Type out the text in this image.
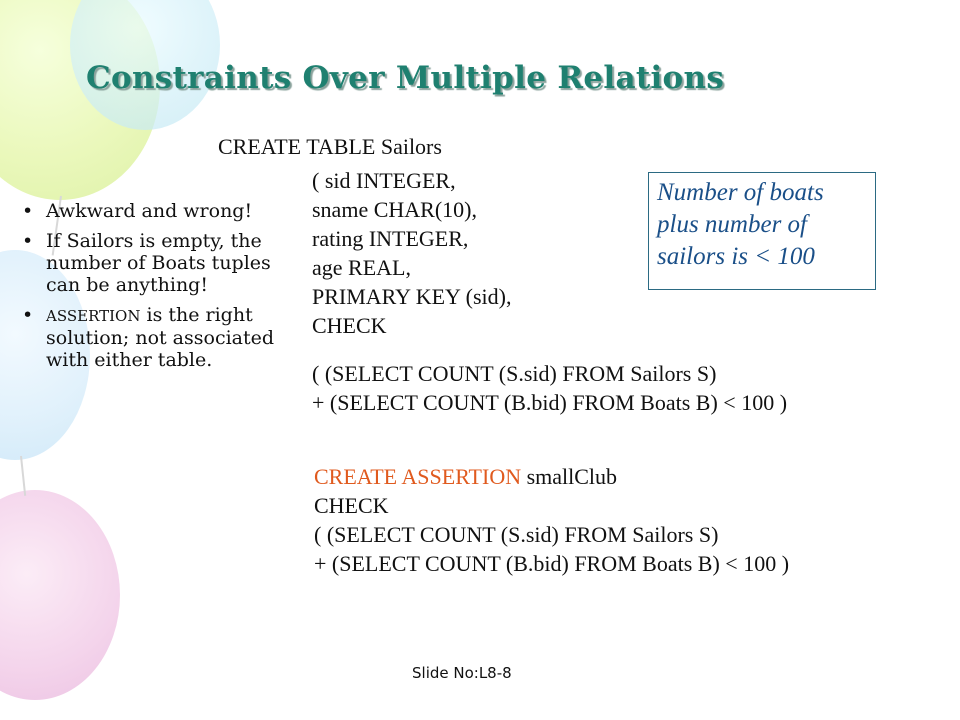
Constraints Over Multiple Relations
• Awkward and wrong!
• If Sailors is empty, the number of Boats tuples can be anything!
• ASSERTION is the right solution; not associated with either table.
CREATE TABLE Sailors
( sid INTEGER,
sname CHAR(10),
rating INTEGER,
age REAL,
PRIMARY KEY (sid),
CHECK
( (SELECT COUNT (S.sid) FROM Sailors S)
+ (SELECT COUNT (B.bid) FROM Boats B) < 100 )
Number of boats
plus number of
sailors is < 100
CREATE ASSERTION smallClub
CHECK
( (SELECT COUNT (S.sid) FROM Sailors S)
+ (SELECT COUNT (B.bid) FROM Boats B) < 100 )
Slide No:L8-8
